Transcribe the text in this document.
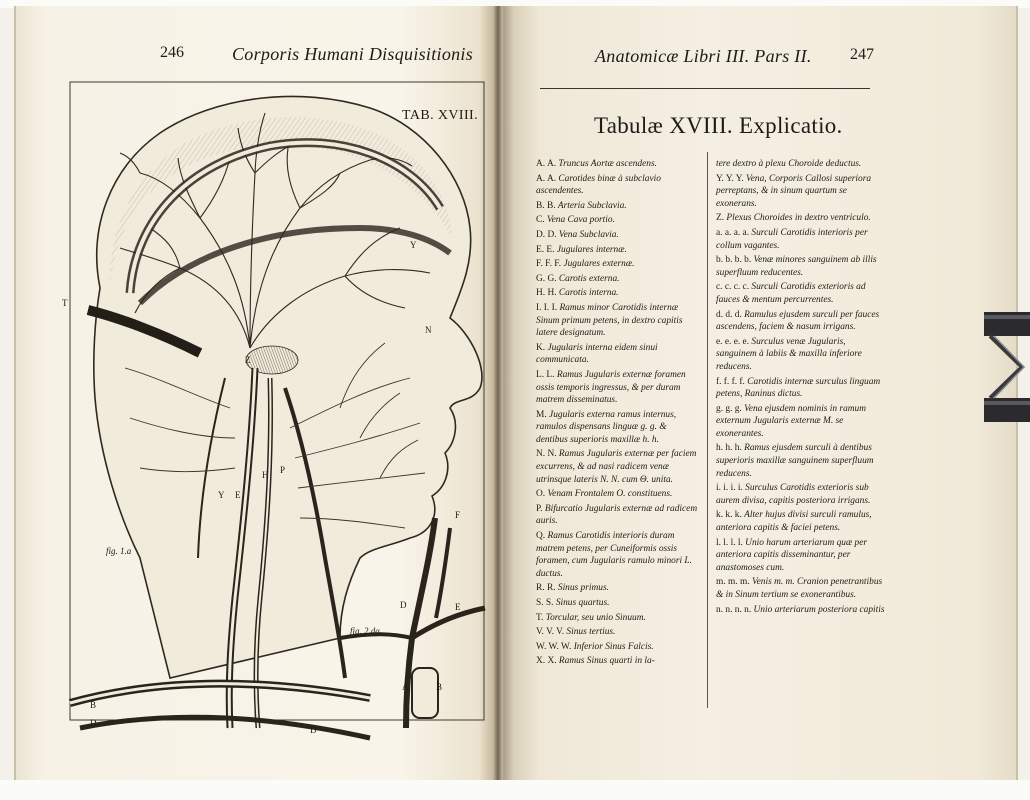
246	Corporis Humani Disquisitionis
T
Z
Y
N
Y E
H P
F
D	E
A	B
B
D
D
TAB. XVIII.
fig. 1.a
fig. 2.da
Anatomicæ Libri III. Pars II. 247
Tabulæ XVIII. Explicatio.
A. A. Truncus Aortæ ascendens.
A. A. Carotides binæ à subclavio ascendentes.
B. B. Arteria Subclavia.
C. Vena Cava portio.
D. D. Vena Subclavia.
E. E. Jugulares internæ.
F. F. F. Jugulares externæ.
G. G. Carotis externa.
H. H. Carotis interna.
I. I. I. Ramus minor Carotidis internæ Sinum primum petens, in dextro capitis latere designatum.
K. Jugularis interna eidem sinui communicata.
L. L. Ramus Jugularis externæ foramen ossis temporis ingressus, & per duram matrem disseminatus.
M. Jugularis externa ramus internus, ramulos dispensans linguæ g. g. & dentibus superioris maxillæ h. h.
N. N. Ramus Jugularis externæ per faciem excurrens, & ad nasi radicem venæ utrinsque lateris N. N. cum Θ. unita.
O. Venam Frontalem O. constituens.
P. Bifurcatio Jugularis externæ ad radicem auris.
Q. Ramus Carotidis interioris duram matrem petens, per Cuneiformis ossis foramen, cum Jugularis ramulo minori L. ductus.
R. R. Sinus primus.
S. S. Sinus quartus.
T. Torcular, seu unio Sinuum.
V. V. V. Sinus tertius.
W. W. W. Inferior Sinus Falcis.
X. X. Ramus Sinus quarti in la-
tere dextro à plexu Choroide deductus.
Y. Y. Y. Vena, Corporis Callosi superiora perreptans, & in sinum quartum se exonerans.
Z. Plexus Choroides in dextro ventriculo.
a. a. a. a. Surculi Carotidis interioris per collum vagantes.
b. b. b. b. Venæ minores sanguinem ab illis superfluum reducentes.
c. c. c. c. Surculi Carotidis exterioris ad fauces & mentum percurrentes.
d. d. d. Ramulus ejusdem surculi per fauces ascendens, faciem & nasum irrigans.
e. e. e. e. Surculus venæ Jugularis, sanguinem à labiis & maxilla inferiore reducens.
f. f. f. f. Carotidis internæ surculus linguam petens, Raninus dictus.
g. g. g. Vena ejusdem nominis in ramum externum Jugularis externæ M. se exonerantes.
h. h. h. Ramus ejusdem surculi à dentibus superioris maxillæ sanguinem superfluum reducens.
i. i. i. i. Surculus Carotidis exterioris sub aurem divisa, capitis posteriora irrigans.
k. k. k. Alter hujus divisi surculi ramulus, anteriora capitis & faciei petens.
l. l. l. l. Unio harum arteriarum quæ per anteriora capitis disseminantur, per anastomoses cum.
m. m. m. Venis m. m. Cranion penetrantibus & in Sinum tertium se exonerantibus.
n. n. n. n. Unio arteriarum posteriora capitis
